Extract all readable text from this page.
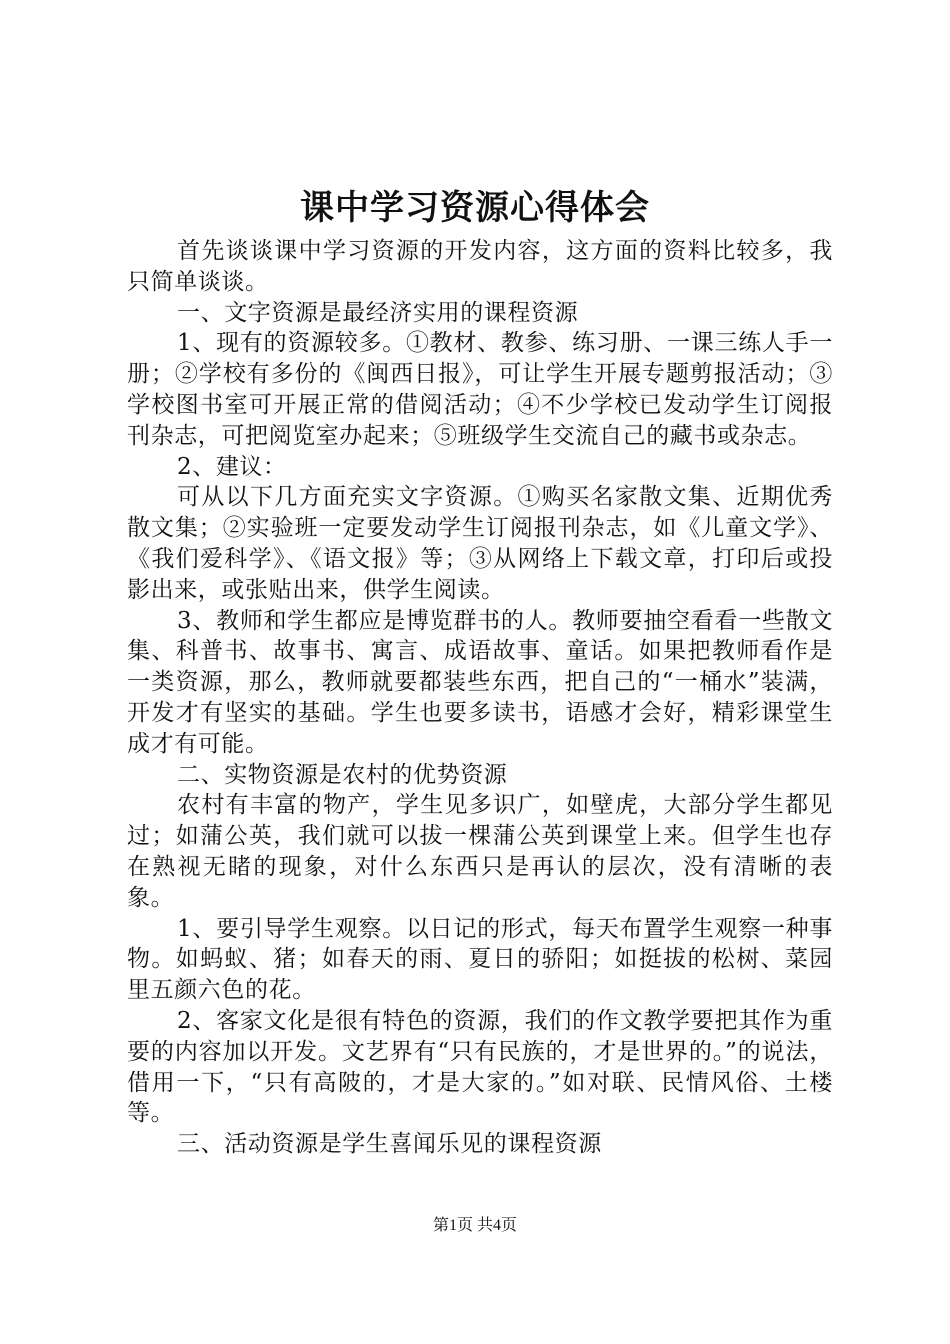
课中学习资源心得体会

首先谈谈课中学习资源的开发内容，这方面的资料比较多，我只简单谈谈。

一、文字资源是最经济实用的课程资源

1、现有的资源较多。①教材、教参、练习册、一课三练人手一册；②学校有多份的《闽西日报》，可让学生开展专题剪报活动；③学校图书室可开展正常的借阅活动；④不少学校已发动学生订阅报刊杂志，可把阅览室办起来；⑤班级学生交流自己的藏书或杂志。

2、建议：

可从以下几方面充实文字资源。①购买名家散文集、近期优秀散文集；②实验班一定要发动学生订阅报刊杂志，如《儿童文学》、《我们爱科学》、《语文报》等；③从网络上下载文章，打印后或投影出来，或张贴出来，供学生阅读。

3、教师和学生都应是博览群书的人。教师要抽空看看一些散文集、科普书、故事书、寓言、成语故事、童话。如果把教师看作是一类资源，那么，教师就要都装些东西，把自己的“一桶水”装满，开发才有坚实的基础。学生也要多读书，语感才会好，精彩课堂生成才有可能。

二、实物资源是农村的优势资源

农村有丰富的物产，学生见多识广，如壁虎，大部分学生都见过；如蒲公英，我们就可以拔一棵蒲公英到课堂上来。但学生也存在熟视无睹的现象，对什么东西只是再认的层次，没有清晰的表象。

1、要引导学生观察。以日记的形式，每天布置学生观察一种事物。如蚂蚁、猪；如春天的雨、夏日的骄阳；如挺拔的松树、菜园里五颜六色的花。

2、客家文化是很有特色的资源，我们的作文教学要把其作为重要的内容加以开发。文艺界有“只有民族的，才是世界的。”的说法，借用一下，“只有高陂的，才是大家的。”如对联、民情风俗、土楼等。

三、活动资源是学生喜闻乐见的课程资源

第1页 共4页
